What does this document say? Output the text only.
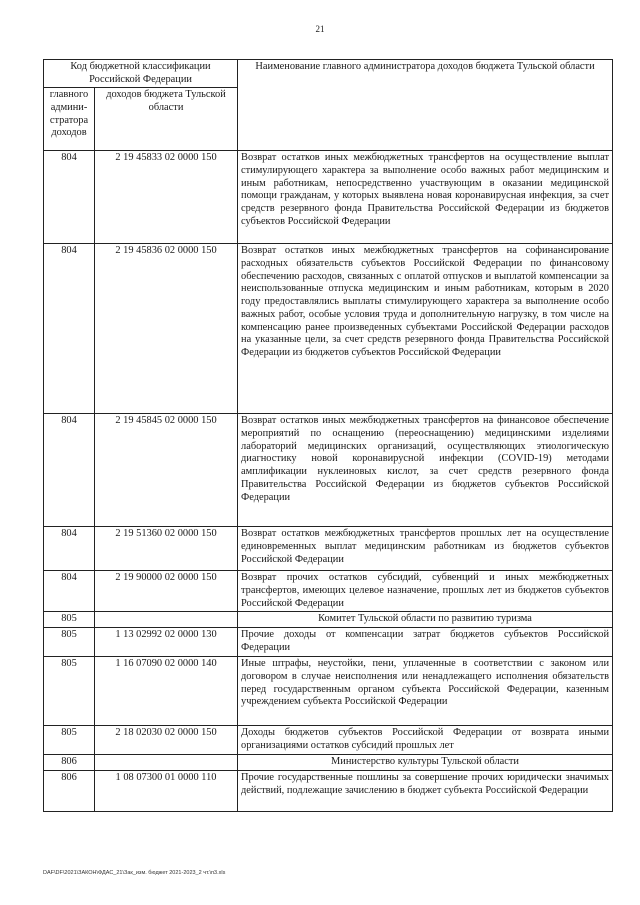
21
Код бюджетной классификации Российской Федерации		Наименование главного администратора доходов бюджета Тульской области
главного админи-стратора доходов	доходов бюджета Тульской области	
804	2 19 45833 02 0000 150	Возврат остатков иных межбюджетных трансфертов на осуществление выплат стимулирующего характера за выполнение особо важных работ медицинским и иным работникам, непосредственно участвующим в оказании медицинской помощи гражданам, у которых выявлена новая коронавирусная инфекция, за счет средств резервного фонда Правительства Российской Федерации из бюджетов субъектов Российской Федерации
804	2 19 45836 02 0000 150	Возврат остатков иных межбюджетных трансфертов на софинансирование расходных обязательств субъектов Российской Федерации по финансовому обеспечению расходов, связанных с оплатой отпусков и выплатой компенсации за неиспользованные отпуска медицинским и иным работникам, которым в 2020 году предоставлялись выплаты стимулирующего характера за выполнение особо важных работ, особые условия труда и дополнительную нагрузку, в том числе на компенсацию ранее произведенных субъектами Российской Федерации расходов на указанные цели, за счет средств резервного фонда Правительства Российской Федерации из бюджетов субъектов Российской Федерации
804	2 19 45845 02 0000 150	Возврат остатков иных межбюджетных трансфертов на финансовое обеспечение мероприятий по оснащению (переоснащению) медицинскими изделиями лабораторий медицинских организаций, осуществляющих этиологическую диагностику новой коронавирусной инфекции (COVID-19) методами амплификации нуклеиновых кислот, за счет средств резервного фонда Правительства Российской Федерации из бюджетов субъектов Российской Федерации
804	2 19 51360 02 0000 150	Возврат остатков межбюджетных трансфертов прошлых лет на осуществление единовременных выплат медицинским работникам из бюджетов субъектов Российской Федерации
804	2 19 90000 02 0000 150	Возврат прочих остатков субсидий, субвенций и иных межбюджетных трансфертов, имеющих целевое назначение, прошлых лет из бюджетов субъектов Российской Федерации
805		Комитет Тульской области по развитию туризма
805	1 13 02992 02 0000 130	Прочие доходы от компенсации затрат бюджетов субъектов Российской Федерации
805	1 16 07090 02 0000 140	Иные штрафы, неустойки, пени, уплаченные в соответствии с законом или договором в случае неисполнения или ненадлежащего исполнения обязательств перед государственным органом субъекта Российской Федерации, казенным учреждением субъекта Российской Федерации
805	2 18 02030 02 0000 150	Доходы бюджетов субъектов Российской Федерации от возврата иными организациями остатков субсидий прошлых лет
806		Министерство культуры Тульской области
806	1 08 07300 01 0000 110	Прочие государственные пошлины за совершение прочих юридически значимых действий, подлежащие зачислению в бюджет субъекта Российской Федерации
DAF\DF\2021\ЗАКОН\ФДАС_21\Зак_изм. бюджет 2021-2023_2 чт.\п3.xls
